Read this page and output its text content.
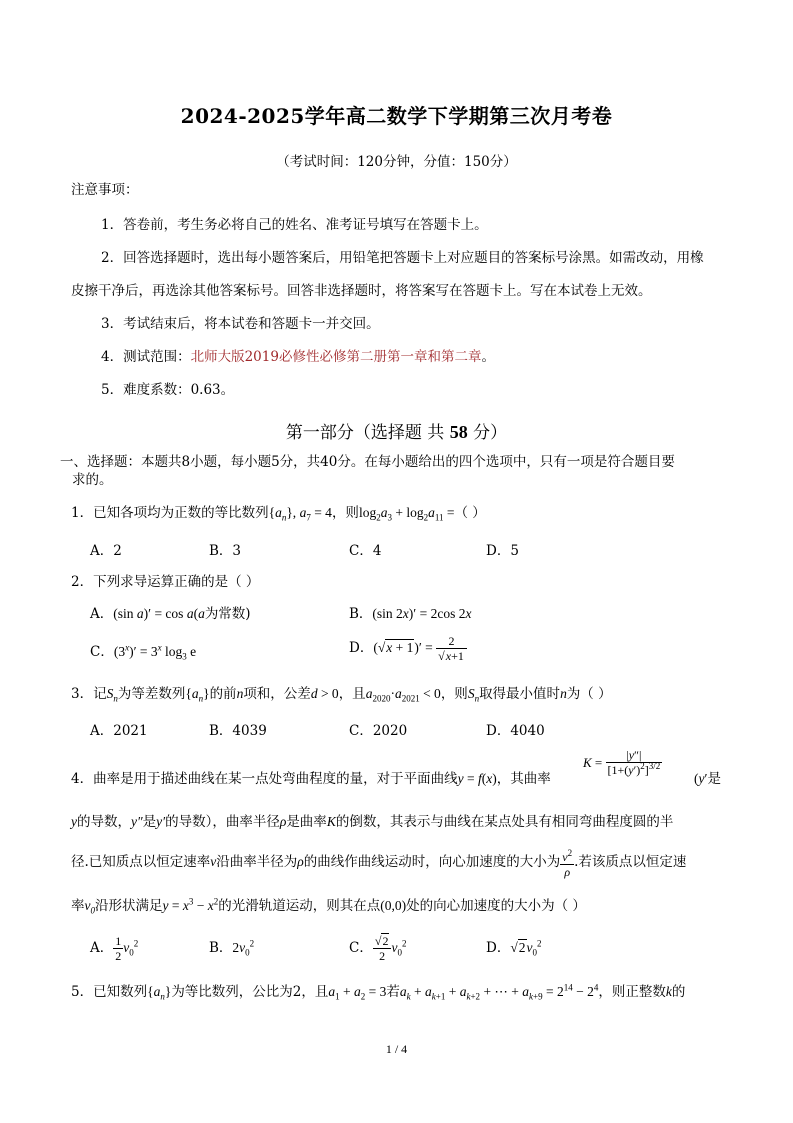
2024-2025学年高二数学下学期第三次月考卷
（考试时间：120分钟，分值：150分）
注意事项：
1．答卷前，考生务必将自己的姓名、准考证号填写在答题卡上。
2．回答选择题时，选出每小题答案后，用铅笔把答题卡上对应题目的答案标号涂黑。如需改动，用橡
皮擦干净后，再选涂其他答案标号。回答非选择题时，将答案写在答题卡上。写在本试卷上无效。
3．考试结束后，将本试卷和答题卡一并交回。
4．测试范围：北师大版2019必修性必修第二册第一章和第二章。
5．难度系数：0.63。
第一部分（选择题 共 58 分）
一、选择题：本题共8小题，每小题5分，共40分。在每小题给出的四个选项中，只有一项是符合题目要
求的。
1．已知各项均为正数的等比数列$\{a_n\}$, $a_7 = 4$，则$\log_2a_3 + \log_2a_{11}$ =（ ）
A．2	B．3	C．4	D．5
2．下列求导运算正确的是（ ）
A．(sin a)′ = cos a(a为常数)	B．(sin 2x)′ = 2cos 2x
C．$(3^x)' = 3^x$ $\log_3 e$	D．$(√x + 1)' = \frac{2}{√x+1}$
3．记$S_n$为等差数列$\{a_n\}$的前n项和，公差d > 0，且$a_{2020}\cdot a_{2021} < 0$，则$S_n$取得最小值时n为（ ）
A．2021	B．4039	C．2020	D．4040
4．曲率是用于描述曲线在某一点处弯曲程度的量，对于平面曲线y = f(x)，其曲率
$K = \frac{|y''|}{[1+(y')^2]^{3/2}}$
(y′是
y的导数，y″是y′的导数），曲率半径ρ是曲率K的倒数，其表示与曲线在某点处具有相同弯曲程度圆的半
径.已知质点以恒定速率v沿曲率半径为ρ的曲线作曲线运动时，向心加速度的大小为 $\frac{v^2}{\rho}$ .若该质点以恒定速
率$v_0$沿形状满足$y = x^3 - x^2$的光滑轨道运动，则其在点(0,0)处的向心加速度的大小为（ ）
A． $\frac{1}{2} v_0^2$	B．$2v_0^2$	C． $\frac{√2}{2} v_0^2$	D．$√2v_0^2$
5．已知数列$\{a_n\}$为等比数列，公比为2，且$a_1 + a_2 = 3$若$a_k + a_{k+1} + a_{k+2}$ + ⋯ + $a_{k+9} = 2^{14} - 2^4$，则正整数k的
1 / 4
